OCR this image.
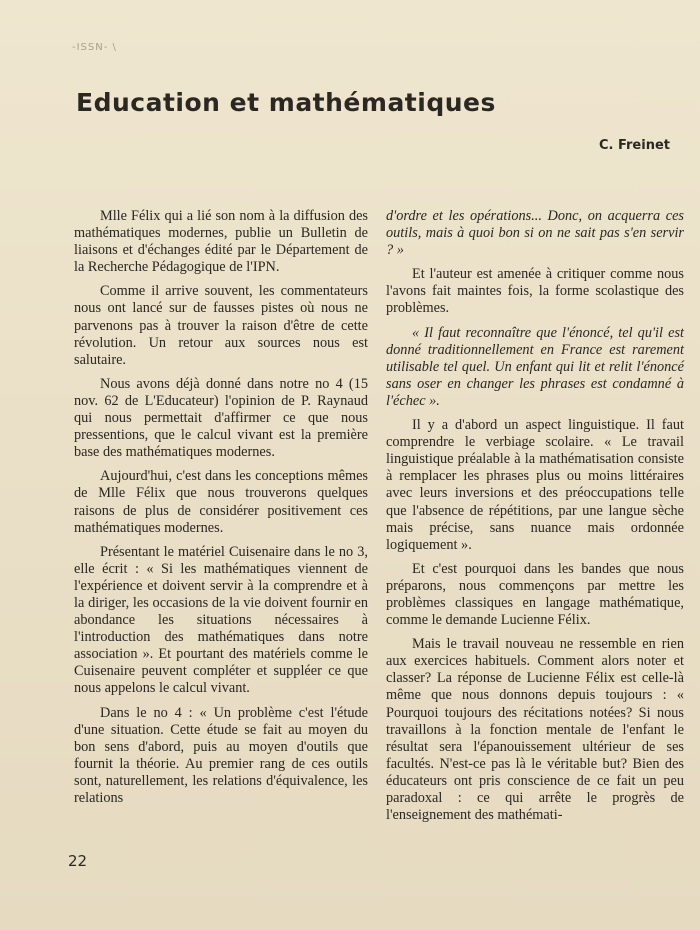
-ISSN- \
Education et mathématiques
C. Freinet

Mlle Félix qui a lié son nom à la diffusion des mathématiques modernes, publie un Bulletin de liaisons et d'échanges édité par le Département de la Recherche Pédagogique de l'IPN.

Comme il arrive souvent, les commentateurs nous ont lancé sur de fausses pistes où nous ne parvenons pas à trouver la raison d'être de cette révolution. Un retour aux sources nous est salutaire.

Nous avons déjà donné dans notre no 4 (15 nov. 62 de L'Educateur) l'opinion de P. Raynaud qui nous permettait d'affirmer ce que nous pressentions, que le calcul vivant est la première base des mathématiques modernes.

Aujourd'hui, c'est dans les conceptions mêmes de Mlle Félix que nous trouverons quelques raisons de plus de considérer positivement ces mathématiques modernes.

Présentant le matériel Cuisenaire dans le no 3, elle écrit : « Si les mathématiques viennent de l'expérience et doivent servir à la comprendre et à la diriger, les occasions de la vie doivent fournir en abondance les situations nécessaires à l'introduction des mathématiques dans notre association ». Et pourtant des matériels comme le Cuisenaire peuvent compléter et suppléer ce que nous appelons le calcul vivant.

Dans le no 4 : « Un problème c'est l'étude d'une situation. Cette étude se fait au moyen du bon sens d'abord, puis au moyen d'outils que fournit la théorie. Au premier rang de ces outils sont, naturellement, les relations d'équivalence, les relations

d'ordre et les opérations... Donc, on acquerra ces outils, mais à quoi bon si on ne sait pas s'en servir ? »

Et l'auteur est amenée à critiquer comme nous l'avons fait maintes fois, la forme scolastique des problèmes.

« Il faut reconnaître que l'énoncé, tel qu'il est donné traditionnellement en France est rarement utilisable tel quel. Un enfant qui lit et relit l'énoncé sans oser en changer les phrases est condamné à l'échec ».

Il y a d'abord un aspect linguistique. Il faut comprendre le verbiage scolaire. « Le travail linguistique préalable à la mathématisation consiste à remplacer les phrases plus ou moins littéraires avec leurs inversions et des préoccupations telle que l'absence de répétitions, par une langue sèche mais précise, sans nuance mais ordonnée logiquement ».

Et c'est pourquoi dans les bandes que nous préparons, nous commençons par mettre les problèmes classiques en langage mathématique, comme le demande Lucienne Félix.

Mais le travail nouveau ne ressemble en rien aux exercices habituels. Comment alors noter et classer? La réponse de Lucienne Félix est celle-là même que nous donnons depuis toujours : « Pourquoi toujours des récitations notées? Si nous travaillons à la fonction mentale de l'enfant le résultat sera l'épanouissement ultérieur de ses facultés. N'est-ce pas là le véritable but? Bien des éducateurs ont pris conscience de ce fait un peu paradoxal : ce qui arrête le progrès de l'enseignement des mathémati-

22
